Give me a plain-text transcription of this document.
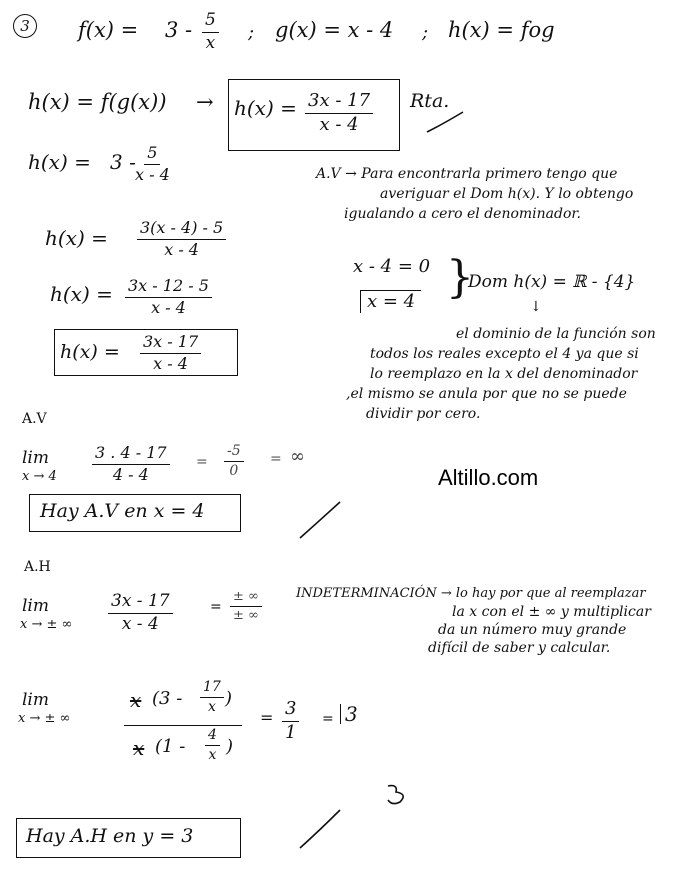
3	$f(x) = 3 - \frac{5}{x}$ ; g(x) = x - 4 ; h(x) = fog
$h(x) = f(g(x)) \to h(x) = \frac{3x - 17}{x - 4}$ Rta.
$h(x) = 3 - \frac{5}{x - 4}$
$h(x) = \frac{3(x - 4) - 5}{x - 4}$
$h(x) = \frac{3x - 12 - 5}{x - 4}$
$h(x) = \frac{3x - 17}{x - 4}$
A.V → Para encontrarla primero tengo que
averiguar el Dom h(x). Y lo obtengo
igualando a cero el denominador.
x - 4 = 0
x = 4 }
Dom h(x) = ℝ - {4}
↓
el dominio de la función son
todos los reales excepto el 4 ya que si
lo reemplazo en la x del denominador
,el mismo se anula por que no se puede
dividir por cero.
Altillo.com
A.V
lim
$x \to 4 \frac{3 . 4 - 17}{4 - 4} = \frac{-5}{0}$ = ∞
Hay A.V en x = 4
A.H
lim
x → ± ∞ $\frac{3x - 17}{x - 4}$	=
± ∞
± ∞
INDETERMINACIÓN → lo hay por que al reemplazar
la x con el ± ∞ y multiplicar
da un número muy grande
difícil de saber y calcular.
lim
x → ± ∞
x ($3 - \frac{17}{x}$ )
x ($1 - \frac{4}{x}$ )
= $\frac{3}{1} = 3$
Hay A.H en y = 3
